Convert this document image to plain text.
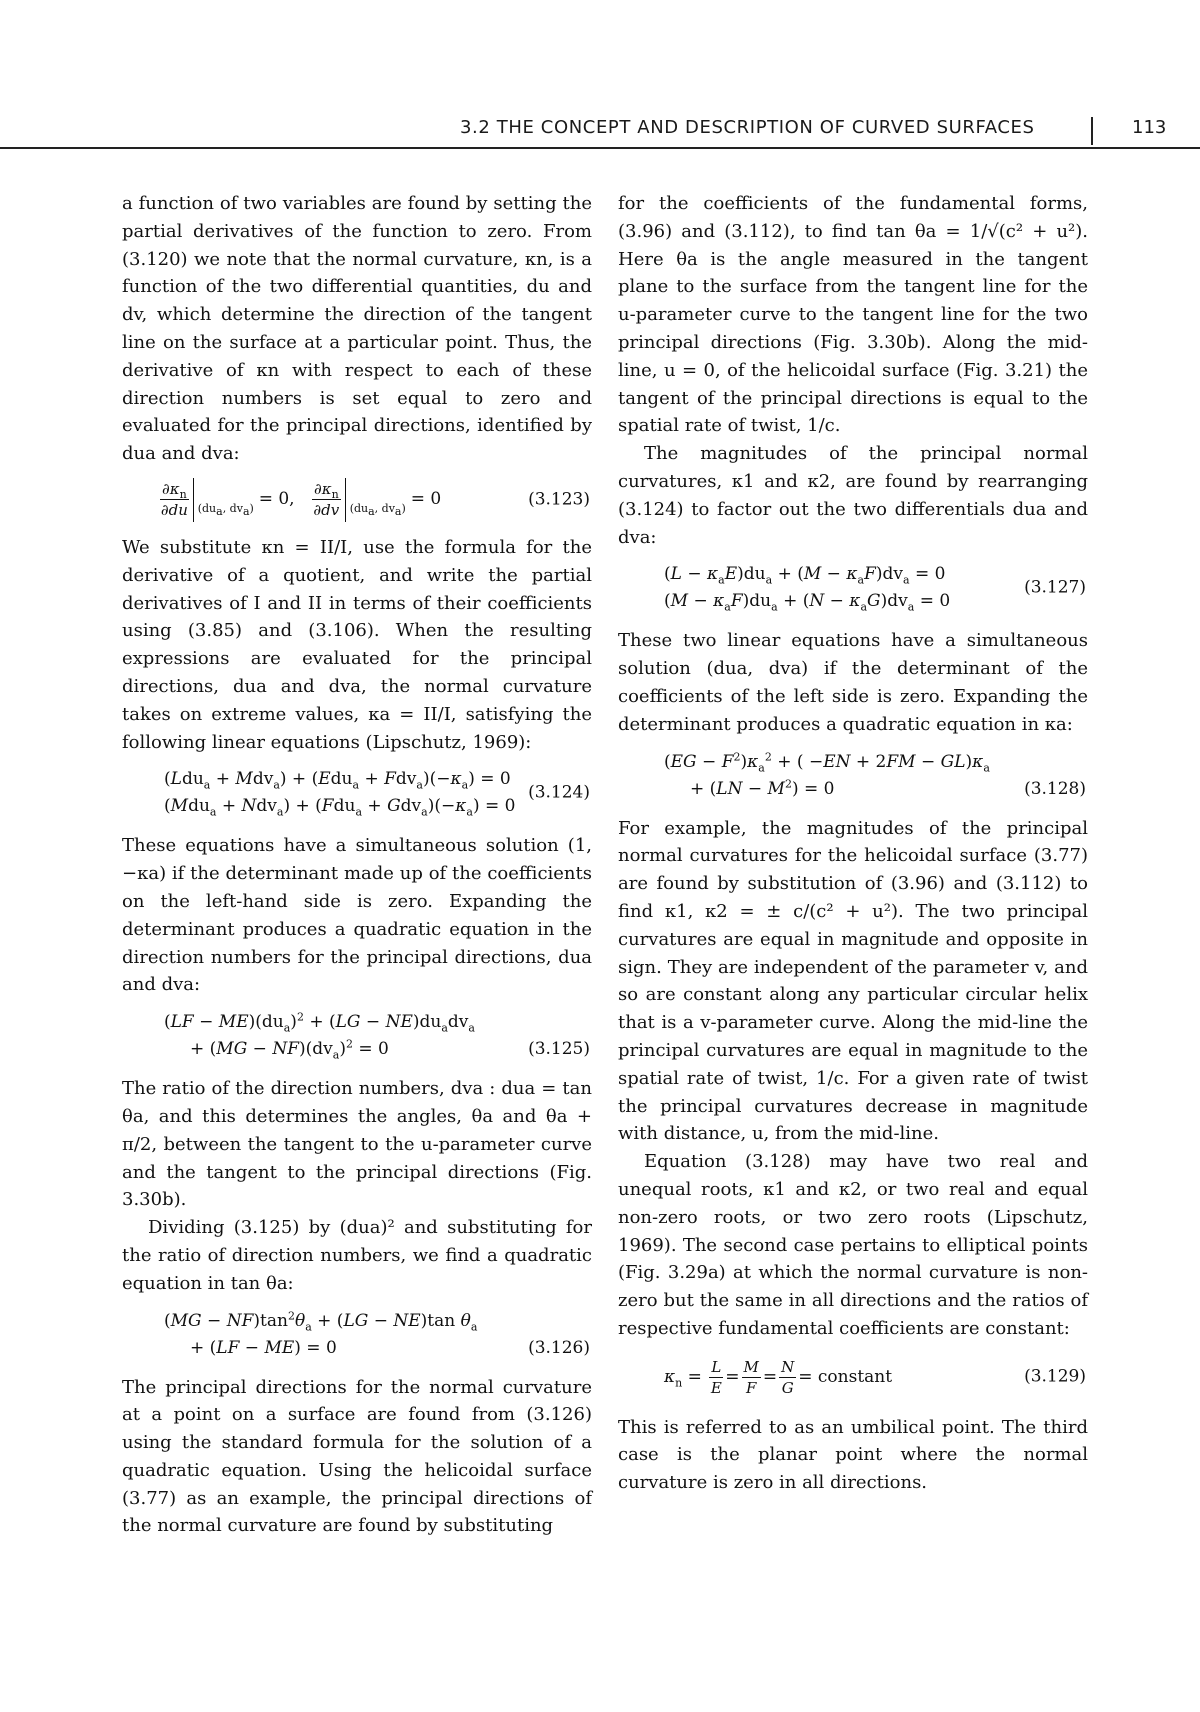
3.2 THE CONCEPT AND DESCRIPTION OF CURVED SURFACES	113

a function of two variables are found by setting the partial derivatives of the function to zero. From (3.120) we note that the normal curvature, κn, is a function of the two differential quantities, du and dv, which determine the direction of the tangent line on the surface at a particular point. Thus, the derivative of κn with respect to each of these direction numbers is set equal to zero and evaluated for the principal directions, identified by dua and dva:

$\frac{\partial\kappa_n}{\partial du} (du_a$, $dv_a) = 0$, $\frac{\partial\kappa_n}{\partial dv} (du_a$, $dv_a) = 0$	(3.123)

We substitute κn = II/I, use the formula for the derivative of a quotient, and write the partial derivatives of I and II in terms of their coefficients using (3.85) and (3.106). When the resulting expressions are evaluated for the principal directions, dua and dva, the normal curvature takes on extreme values, κa = II/I, satisfying the following linear equations (Lipschutz, 1969):

$(Ldu_a + Mdv_a) + (Edu_a + Fdv_a)(-\kappa_a) = 0$
$(Mdu_a + Ndv_a) + (Fdu_a + Gdv_a)(-\kappa_a) = 0$
(3.124)

These equations have a simultaneous solution (1, −κa) if the determinant made up of the coefficients on the left-hand side is zero. Expanding the determinant produces a quadratic equation in the direction numbers for the principal directions, dua and dva:

$(LF - ME)(du_a)^2 + (LG - NE)du_adv_a$
+ $(MG - NF)(dv_a)^2 = 0$	(3.125)

The ratio of the direction numbers, dva : dua = tan θa, and this determines the angles, θa and θa + π/2, between the tangent to the u-parameter curve and the tangent to the principal directions (Fig. 3.30b).

Dividing (3.125) by (dua)² and substituting for the ratio of direction numbers, we find a quadratic equation in tan θa:

$(MG - NF)\tan^2\theta_a + (LG - NE)\tan$ $\theta_a$
+ (LF − ME) = 0	(3.126)

The principal directions for the normal curvature at a point on a surface are found from (3.126) using the standard formula for the solution of a quadratic equation. Using the helicoidal surface (3.77) as an example, the principal directions of the normal curvature are found by substituting

for the coefficients of the fundamental forms, (3.96) and (3.112), to find tan θa = 1/√(c² + u²). Here θa is the angle measured in the tangent plane to the surface from the tangent line for the u-parameter curve to the tangent line for the two principal directions (Fig. 3.30b). Along the mid-line, u = 0, of the helicoidal surface (Fig. 3.21) the tangent of the principal directions is equal to the spatial rate of twist, 1/c.

The magnitudes of the principal normal curvatures, κ1 and κ2, are found by rearranging (3.124) to factor out the two differentials dua and dva:

$(L - \kappa_aE)du_a + (M - \kappa_aF)dv_a = 0$
$(M - \kappa_aF)du_a + (N - \kappa_aG)dv_a = 0$
(3.127)

These two linear equations have a simultaneous solution (dua, dva) if the determinant of the coefficients of the left side is zero. Expanding the determinant produces a quadratic equation in κa:

$(EG - F^2)\kappa_a^2$ + ( $-EN + 2FM - GL)\kappa_a$
+ $(LN - M^2) = 0$	(3.128)

For example, the magnitudes of the principal normal curvatures for the helicoidal surface (3.77) are found by substitution of (3.96) and (3.112) to find κ1, κ2 = ± c/(c² + u²). The two principal curvatures are equal in magnitude and opposite in sign. They are independent of the parameter v, and so are constant along any particular circular helix that is a v-parameter curve. Along the mid-line the principal curvatures are equal in magnitude to the spatial rate of twist, 1/c. For a given rate of twist the principal curvatures decrease in magnitude with distance, u, from the mid-line.

Equation (3.128) may have two real and unequal roots, κ1 and κ2, or two real and equal non-zero roots, or two zero roots (Lipschutz, 1969). The second case pertains to elliptical points (Fig. 3.29a) at which the normal curvature is non-zero but the same in all directions and the ratios of respective fundamental coefficients are constant:

$\kappa_n = \frac{L}{E} = \frac{M}{F} = \frac{N}{G}$ = constant	(3.129)

This is referred to as an umbilical point. The third case is the planar point where the normal curvature is zero in all directions.
